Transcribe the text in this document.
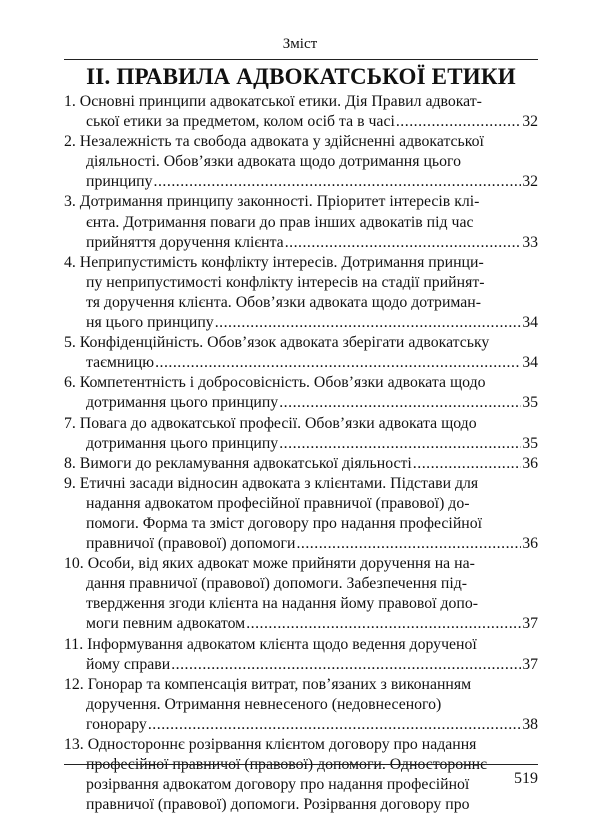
Зміст
II. ПРАВИЛА АДВОКАТСЬКОЇ ЕТИКИ
1. Основні принципи адвокатської етики. Дія Правил адвокат-
ської етики за предметом, колом осіб та в часі .....	32
2. Незалежність та свобода адвоката у здійсненні адвокатської
діяльності. Обов’язки адвоката щодо дотримання цього
принципу .....	32
3. Дотримання принципу законності. Пріоритет інтересів клі-
єнта. Дотримання поваги до прав інших адвокатів під час
прийняття доручення клієнта .....	33
4. Неприпустимість конфлікту інтересів. Дотримання принци-
пу неприпустимості конфлікту інтересів на стадії прийнят-
тя доручення клієнта. Обов’язки адвоката щодо дотриман-
ня цього принципу .....	34
5. Конфіденційність. Обов’язок адвоката зберігати адвокатську
таємницю .....	34
6. Компетентність і добросовісність. Обов’язки адвоката щодо
дотримання цього принципу .....	35
7. Повага до адвокатської професії. Обов’язки адвоката щодо
дотримання цього принципу .....	35
8. Вимоги до рекламування адвокатської діяльності .....	36
9. Етичні засади відносин адвоката з клієнтами. Підстави для
надання адвокатом професійної правничої (правової) до-
помоги. Форма та зміст договору про надання професійної
правничої (правової) допомоги .....	36
10. Особи, від яких адвокат може прийняти доручення на на-
дання правничої (правової) допомоги. Забезпечення під-
твердження згоди клієнта на надання йому правової допо-
моги певним адвокатом .....	37
11. Інформування адвокатом клієнта щодо ведення дорученої
йому справи .....	37
12. Гонорар та компенсація витрат, пов’язаних з виконанням
доручення. Отримання невнесеного (недовнесеного)
гонорару .....	38
13. Одностороннє розірвання клієнтом договору про надання
професійної правничої (правової) допомоги. Одностороннє
розірвання адвокатом договору про надання професійної
правничої (правової) допомоги. Розірвання договору про
519
